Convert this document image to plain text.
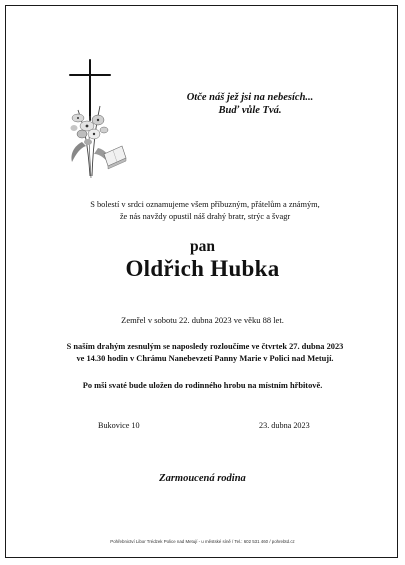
Otče náš jež jsi na nebesích...
Buď vůle Tvá.
S bolestí v srdci oznamujeme všem příbuzným, přátelům a známým,
že nás navždy opustil náš drahý bratr, strýc a švagr
pan
Oldřich Hubka
Zemřel v sobotu 22. dubna 2023 ve věku 88 let.
S naším drahým zesnulým se naposledy rozloučíme ve čtvrtek 27. dubna 2023
ve 14.30 hodin v Chrámu Nanebevzetí Panny Marie v Polici nad Metují.
Po mši svaté bude uložen do rodinného hrobu na místním hřbitově.
Bukovice 10	23. dubna 2023
Zarmoucená rodina
Pohřebnictví Libor Trédzek Police nad Metují - u městské síně / Tel.: 602 531 460 / pohrebtd.cz
